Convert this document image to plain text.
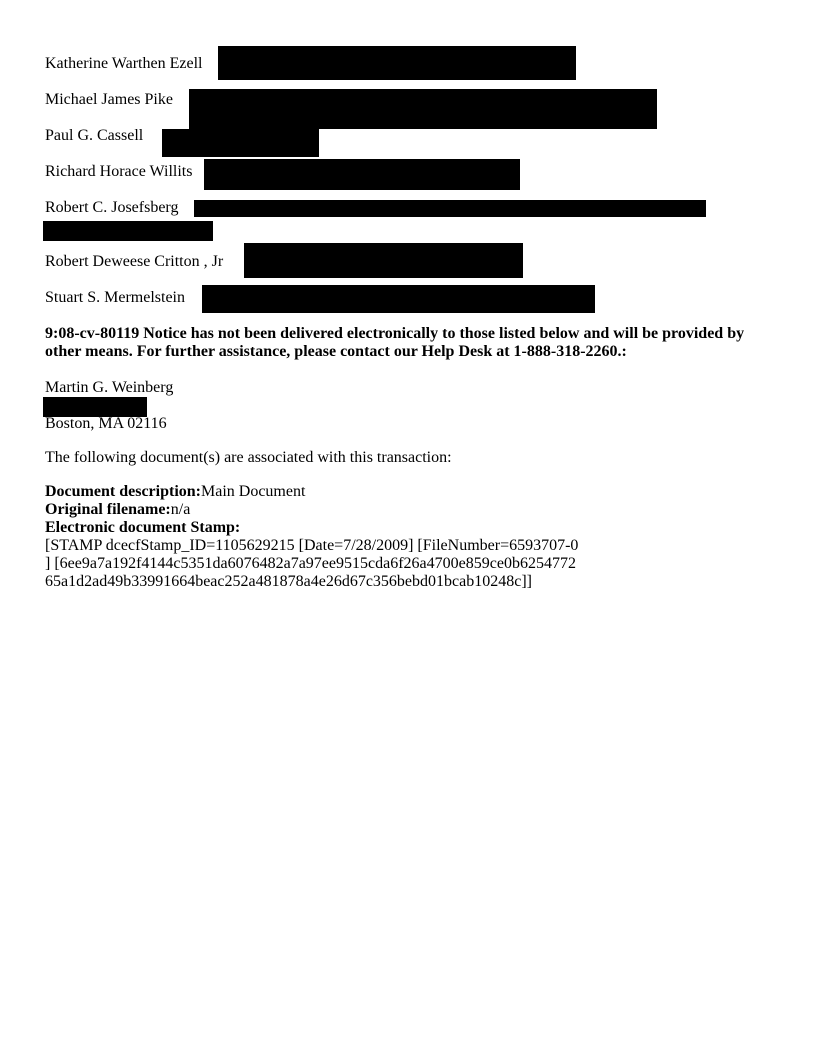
Katherine Warthen Ezell
Michael James Pike
Paul G. Cassell
Richard Horace Willits
Robert C. Josefsberg
Robert Deweese Critton , Jr
Stuart S. Mermelstein
9:08-cv-80119 Notice has not been delivered electronically to those listed below and will be provided by
other means. For further assistance, please contact our Help Desk at 1-888-318-2260.:
Martin G. Weinberg
Boston, MA 02116
The following document(s) are associated with this transaction:
Document description:Main Document
Original filename:n/a
Electronic document Stamp:
[STAMP dcecfStamp_ID=1105629215 [Date=7/28/2009] [FileNumber=6593707-0
] [6ee9a7a192f4144c5351da6076482a7a97ee9515cda6f26a4700e859ce0b6254772
65a1d2ad49b33991664beac252a481878a4e26d67c356bebd01bcab10248c]]
